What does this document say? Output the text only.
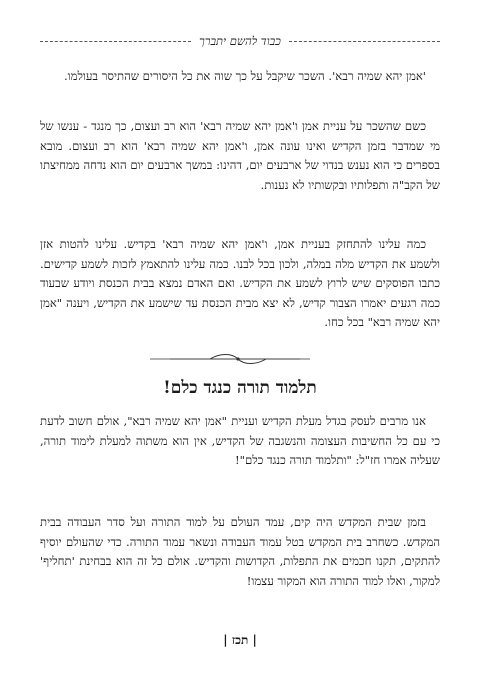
כבוד להשם יתברך

'אמן יהא שמיה רבא'. השכר שיקבל על כך שוה את כל היסורים שהתיסר בעולמו.

כשם שהשכר על עניית אמן ו'אמן יהא שמיה רבא' הוא רב ועצום, כך מנגד - ענשו של מי שמדבר בזמן הקדיש ואינו עונה אמן, ו'אמן יהא שמיה רבא' הוא רב ועצום. מובא בספרים כי הוא נענש בנדוי של ארבעים יום, דהינו: במשך ארבעים יום הוא נדחה ממחיצתו של הקב"ה ותפלותיו ובקשותיו לא נענות.

כמה עלינו להתחזק בעניית אמן, ו'אמן יהא שמיה רבא' בקדיש. עלינו להטות אזן ולשמע את הקדיש מלה במלה, ולכון בכל לבנו. כמה עלינו להתאמץ לזכות לשמע קדישים. כתבו הפוסקים שיש לרוץ לשמע את הקדיש. ואם האדם נמצא בבית הכנסת ויודע שבעוד כמה רגעים יאמרו הצבור קדיש, לא יצא מבית הכנסת עד שישמע את הקדיש, ויענה "אמן יהא שמיה רבא" בכל כחו.

תלמוד תורה כנגד כלם!

אנו מרבים לעסק בגדל מעלת הקדיש ועניית "אמן יהא שמיה רבא", אולם חשוב לדעת כי עם כל החשיבות העצומה והנשגבה של הקדיש, אין הוא משתוה למעלת לימוד תורה, שעליה אמרו חז"ל: "ותלמוד תורה כנגד כלם"!

בזמן שבית המקדש היה קים, עמד העולם על למוד התורה ועל סדר העבודה בבית המקדש. כשחרב בית המקדש בטל עמוד העבודה ונשאר עמוד התורה. כדי שהעולם יוסיף להתקים, תקנו חכמים את התפלות, הקדושות והקדיש. אולם כל זה הוא בבחינת 'תחליף' למקור, ואלו למוד התורה הוא המקור עצמו!

| תכז |
